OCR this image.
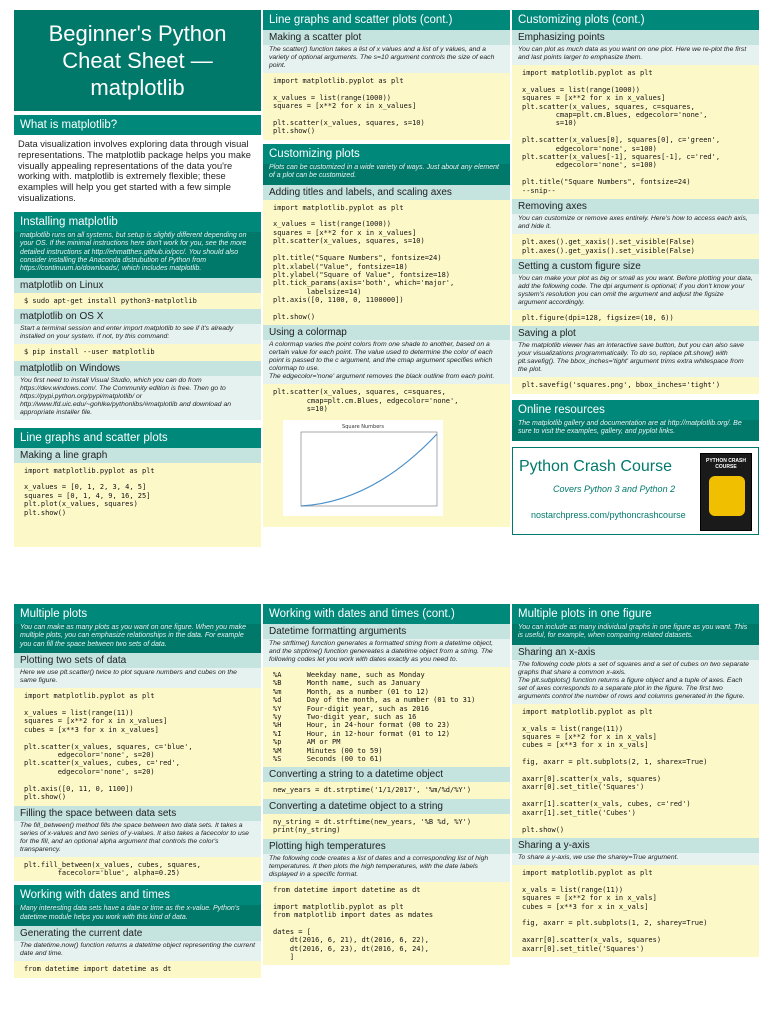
Beginner's Python
Cheat Sheet —
matplotlib
What is matplotlib?
Data visualization involves exploring data through visual representations. The matplotlib package helps you make visually appealing representations of the data you're working with. matplotlib is extremely flexible; these examples will help you get started with a few simple visualizations.
Installing matplotlib
matplotlib runs on all systems, but setup is slightly different depending on your OS. If the minimal instructions here don't work for you, see the more detailed instructions at http://ehmatthes.github.io/pcc/. You should also consider installing the Anaconda distrubution of Python from https://continuum.io/downloads/, which includes matplotlib.
matplotlib on Linux
$ sudo apt-get install python3-matplotlib
matplotlib on OS X
Start a terminal session and enter import matplotlib to see if it's already installed on your system. If not, try this command:
$ pip install --user matplotlib
matplotlib on Windows
You first need to install Visual Studio, which you can do from https://dev.windows.com/. The Community edition is free. Then go to https://pypi.python.org/pypi/matplotlib/ or http://www.lfd.uic.edu/~gohlke/pythonlibs/#matplotlib and download an appropriate installer file.
Line graphs and scatter plots
Making a line graph
import matplotlib.pyplot as plt

x_values = [0, 1, 2, 3, 4, 5]
squares = [0, 1, 4, 9, 16, 25]
plt.plot(x_values, squares)
plt.show()
Line graphs and scatter plots (cont.)
Making a scatter plot
The scatter() function takes a list of x values and a list of y values, and a variety of optional arguments. The s=10 argument controls the size of each point.
import matplotlib.pyplot as plt

x_values = list(range(1000))
squares = [x**2 for x in x_values]

plt.scatter(x_values, squares, s=10)
plt.show()
Customizing plots
Plots can be customized in a wide variety of ways. Just about any element of a plot can be customized.
Adding titles and labels, and scaling axes
import matplotlib.pyplot as plt

x_values = list(range(1000))
squares = [x**2 for x in x_values]
plt.scatter(x_values, squares, s=10)

plt.title("Square Numbers", fontsize=24)
plt.xlabel("Value", fontsize=18)
plt.ylabel("Square of Value", fontsize=18)
plt.tick_params(axis='both', which='major',
labelsize=14)
plt.axis([0, 1100, 0, 1100000])

plt.show()
Using a colormap
A colormap varies the point colors from one shade to another, based on a certain value for each point. The value used to determine the color of each point is passed to the c argument, and the cmap argument specifies which colormap to use.
The edgecolor='none' argument removes the black outline from each point.
plt.scatter(x_values, squares, c=squares,
cmap=plt.cm.Blues, edgecolor='none',
s=10)
Square Numbers
Customizing plots (cont.)
Emphasizing points
You can plot as much data as you want on one plot. Here we re-plot the first and last points larger to emphasize them.
import matplotlib.pyplot as plt

x_values = list(range(1000))
squares = [x**2 for x in x_values]
plt.scatter(x_values, squares, c=squares,
cmap=plt.cm.Blues, edgecolor='none',
s=10)

plt.scatter(x_values[0], squares[0], c='green',
edgecolor='none', s=100)
plt.scatter(x_values[-1], squares[-1], c='red',
edgecolor='none', s=100)

plt.title("Square Numbers", fontsize=24)
--snip--
Removing axes
You can customize or remove axes entirely. Here's how to access each axis, and hide it.
plt.axes().get_xaxis().set_visible(False)
plt.axes().get_yaxis().set_visible(False)
Setting a custom figure size
You can make your plot as big or small as you want. Before plotting your data, add the following code. The dpi argument is optional; if you don't know your system's resolution you can omit the argument and adjust the figsize argument accordingly.
plt.figure(dpi=128, figsize=(10, 6))
Saving a plot
The matplotlib viewer has an interactive save button, but you can also save your visualizations programmatically. To do so, replace plt.show() with plt.savefig(). The bbox_inches='tight' argument trims extra whitespace from the plot.
plt.savefig('squares.png', bbox_inches='tight')
Online resources
The matplotlib gallery and documentation are at http://matplotlib.org/. Be sure to visit the examples, gallery, and pyplot links.
Python Crash Course
Covers Python 3 and Python 2
nostarchpress.com/pythoncrashcourse
PYTHON CRASH COURSE
Multiple plots
You can make as many plots as you want on one figure. When you make multiple plots, you can emphasize relationships in the data. For example you can fill the space between two sets of data.
Plotting two sets of data
Here we use plt.scatter() twice to plot square numbers and cubes on the same figure.
import matplotlib.pyplot as plt

x_values = list(range(11))
squares = [x**2 for x in x_values]
cubes = [x**3 for x in x_values]

plt.scatter(x_values, squares, c='blue',
edgecolor='none', s=20)
plt.scatter(x_values, cubes, c='red',
edgecolor='none', s=20)

plt.axis([0, 11, 0, 1100])
plt.show()
Filling the space between data sets
The fill_between() method fills the space between two data sets. It takes a series of x-values and two series of y-values. It also takes a facecolor to use for the fill, and an optional alpha argument that controls the color's transparency.
plt.fill_between(x_values, cubes, squares,
facecolor='blue', alpha=0.25)
Working with dates and times
Many interesting data sets have a date or time as the x-value. Python's datetime module helps you work with this kind of data.
Generating the current date
The datetime.now() function returns a datetime object representing the current date and time.
from datetime import datetime as dt
Working with dates and times (cont.)
Datetime formatting arguments
The strftime() function generates a formatted string from a datetime object, and the strptime() function genereates a datetime object from a string. The following codes let you work with dates exactly as you need to.
%A      Weekday name, such as Monday
%B      Month name, such as January
%m      Month, as a number (01 to 12)
%d      Day of the month, as a number (01 to 31)
%Y      Four-digit year, such as 2016
%y      Two-digit year, such as 16
%H      Hour, in 24-hour format (00 to 23)
%I      Hour, in 12-hour format (01 to 12)
%p      AM or PM
%M      Minutes (00 to 59)
%S      Seconds (00 to 61)
Converting a string to a datetime object
new_years = dt.strptime('1/1/2017', '%m/%d/%Y')
Converting a datetime object to a string
ny_string = dt.strftime(new_years, '%B %d, %Y')
print(ny_string)
Plotting high temperatures
The following code creates a list of dates and a corresponding list of high temperatures. It then plots the high temperatures, with the date labels displayed in a specific format.
from datetime import datetime as dt

import matplotlib.pyplot as plt
from matplotlib import dates as mdates

dates = [
dt(2016, 6, 21), dt(2016, 6, 22),
dt(2016, 6, 23), dt(2016, 6, 24),
]
Multiple plots in one figure
You can include as many individual graphs in one figure as you want. This is useful, for example, when comparing related datasets.
Sharing an x-axis
The following code plots a set of squares and a set of cubes on two separate graphs that share a common x-axis.
The plt.subplots() function returns a figure object and a tuple of axes. Each set of axes corresponds to a separate plot in the figure. The first two arguments control the number of rows and columns generated in the figure.
import matplotlib.pyplot as plt

x_vals = list(range(11))
squares = [x**2 for x in x_vals]
cubes = [x**3 for x in x_vals]

fig, axarr = plt.subplots(2, 1, sharex=True)

axarr[0].scatter(x_vals, squares)
axarr[0].set_title('Squares')

axarr[1].scatter(x_vals, cubes, c='red')
axarr[1].set_title('Cubes')

plt.show()
Sharing a y-axis
To share a y-axis, we use the sharey=True argument.
import matplotlib.pyplot as plt

x_vals = list(range(11))
squares = [x**2 for x in x_vals]
cubes = [x**3 for x in x_vals]

fig, axarr = plt.subplots(1, 2, sharey=True)

axarr[0].scatter(x_vals, squares)
axarr[0].set_title('Squares')
